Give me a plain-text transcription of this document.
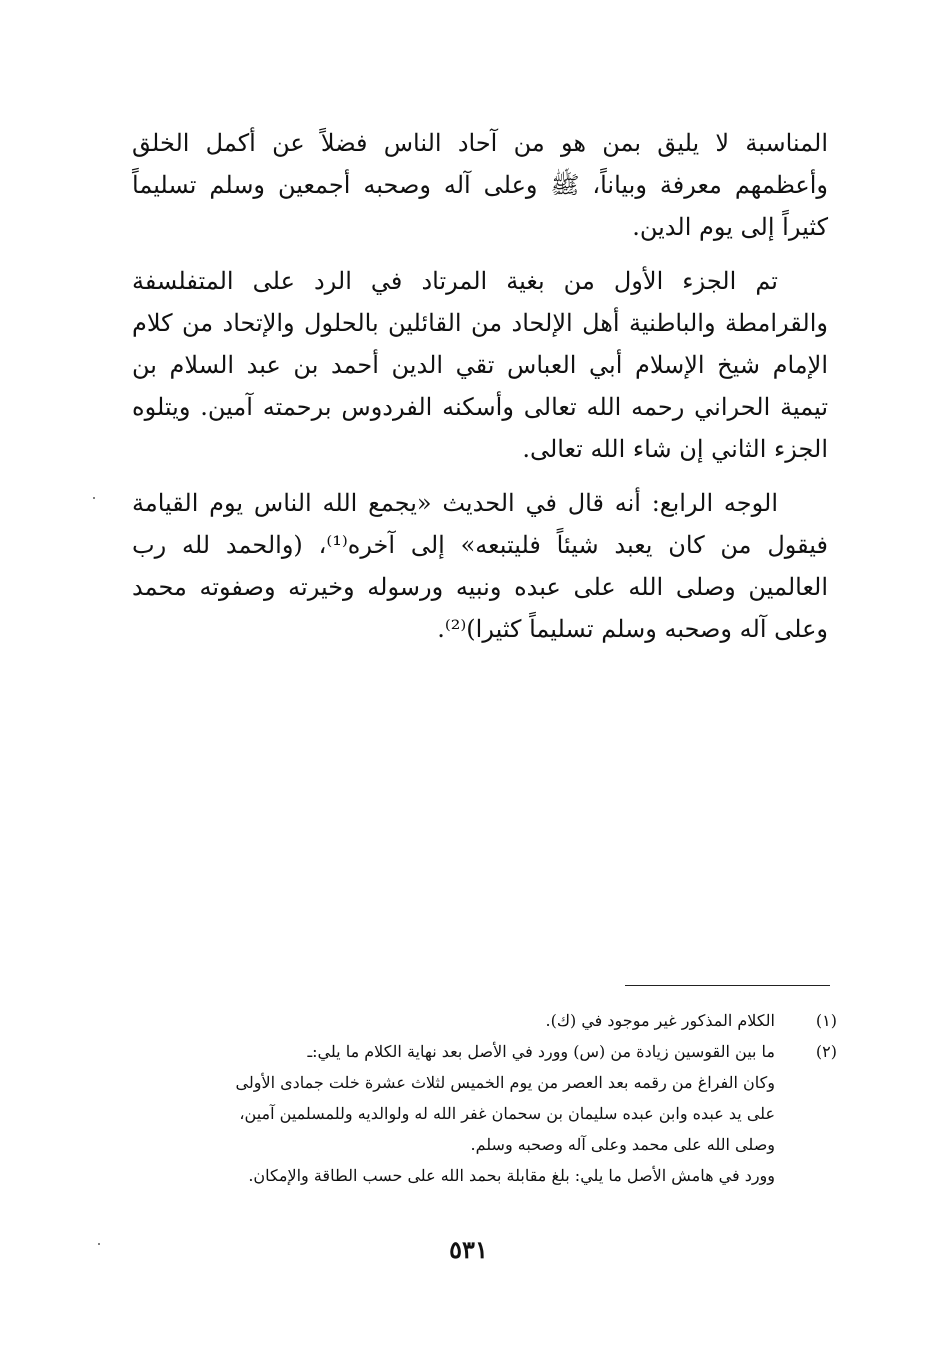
المناسبة لا يليق بمن هو من آحاد الناس فضلاً عن أكمل الخلق وأعظمهم معرفة وبياناً، ﷺ وعلى آله وصحبه أجمعين وسلم تسليماً كثيراً إلى يوم الدين.

تم الجزء الأول من بغية المرتاد في الرد على المتفلسفة والقرامطة والباطنية أهل الإلحاد من القائلين بالحلول والإتحاد من كلام الإمام شيخ الإسلام أبي العباس تقي الدين أحمد بن عبد السلام بن تيمية الحراني رحمه الله تعالى وأسكنه الفردوس برحمته آمين. ويتلوه الجزء الثاني إن شاء الله تعالى.

الوجه الرابع: أنه قال في الحديث «يجمع الله الناس يوم القيامة فيقول من كان يعبد شيئاً فليتبعه» إلى آخره⁽¹⁾، (والحمد لله رب العالمين وصلى الله على عبده ونبيه ورسوله وخيرته وصفوته محمد وعلى آله وصحبه وسلم تسليماً كثيرا)⁽²⁾.

(١)
الكلام المذكور غير موجود في (ك).
(٢)
ما بين القوسين زيادة من (س) وورد في الأصل بعد نهاية الكلام ما يلي:ـ
وكان الفراغ من رقمه بعد العصر من يوم الخميس لثلاث عشرة خلت جمادى الأولى
على يد عبده وابن عبده سليمان بن سحمان غفر الله له ولوالديه وللمسلمين آمين،
وصلى الله على محمد وعلى آله وصحبه وسلم.
وورد في هامش الأصل ما يلي: بلغ مقابلة بحمد الله على حسب الطاقة والإمكان.
٥٣١
